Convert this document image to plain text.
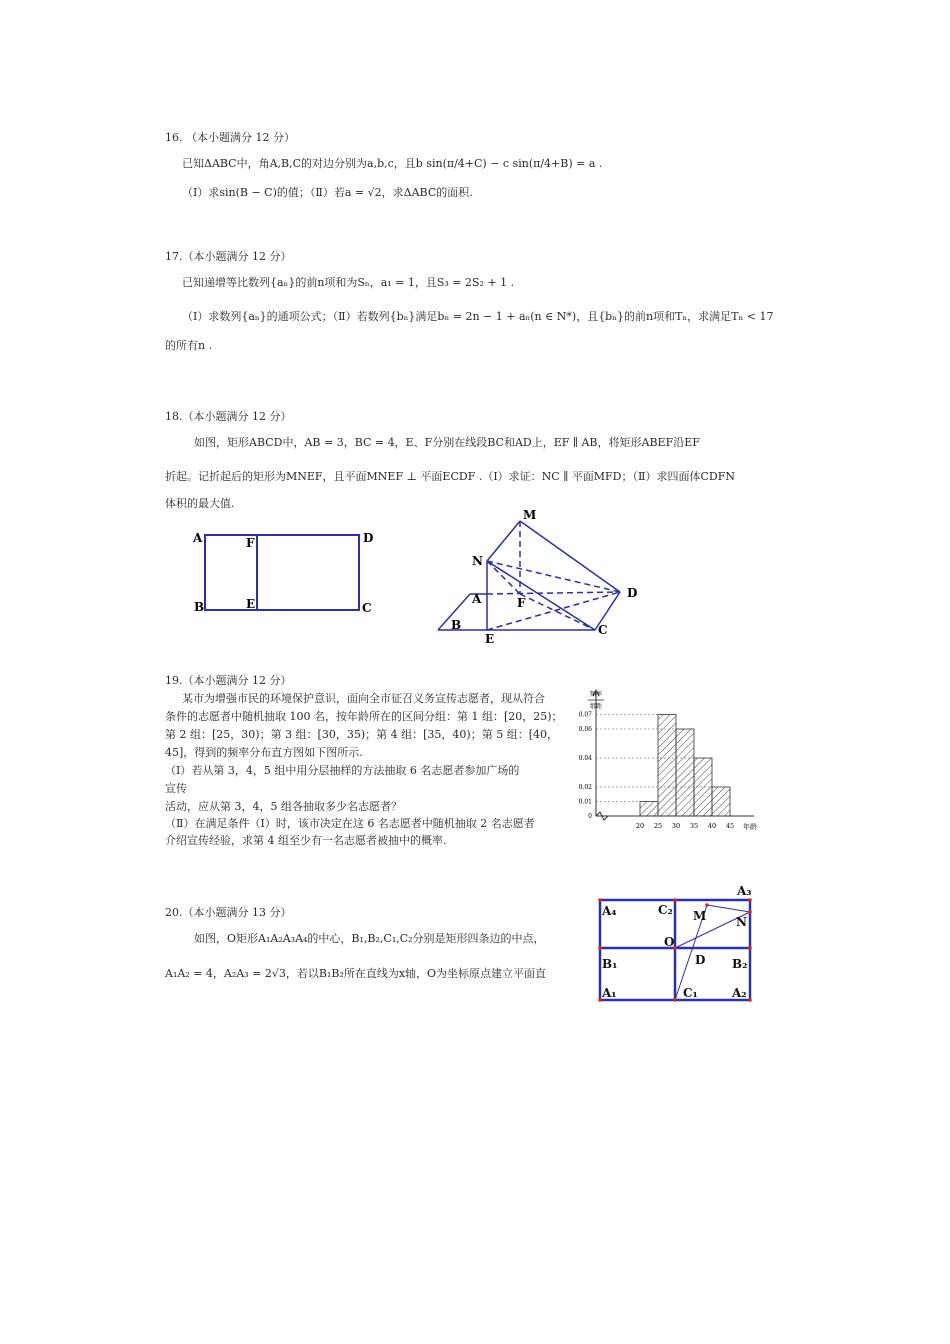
16. （本小题满分 12 分）
已知ΔABC中，角A,B,C的对边分别为a,b,c，且b sin(π/4+C) − c sin(π/4+B) = a .
（Ⅰ）求sin(B − C)的值；（Ⅱ）若a = √2，求ΔABC的面积.
17.（本小题满分 12 分）
已知递增等比数列{aₙ}的前n项和为Sₙ，a₁ = 1，且S₃ = 2S₂ + 1 .
（Ⅰ）求数列{aₙ}的通项公式；（Ⅱ）若数列{bₙ}满足bₙ = 2n − 1 + aₙ(n ∈ N*)，且{bₙ}的前n项和Tₙ，求满足Tₙ < 17
的所有n .
18.（本小题满分 12 分）
如图，矩形ABCD中，AB = 3，BC = 4，E、F分别在线段BC和AD上，EF ∥ AB，将矩形ABEF沿EF
折起。记折起后的矩形为MNEF，且平面MNEF ⊥ 平面ECDF .（Ⅰ）求证：NC ∥ 平面MFD；（Ⅱ）求四面体CDFN
体积的最大值.
A	F	D
B	E	C
M
N
A	F
D
B
E
C
19.（本小题满分 12 分）
某市为增强市民的环境保护意识，面向全市征召义务宣传志愿者，现从符合
条件的志愿者中随机抽取 100 名，按年龄所在的区间分组：第 1 组：[20，25)；
第 2 组：[25，30)；第 3 组：[30，35)；第 4 组：[35，40)；第 5 组：[40，
45]，得到的频率分布直方图如下图所示.
（Ⅰ）若从第 3，4，5 组中用分层抽样的方法抽取 6 名志愿者参加广场的
宣传
活动，应从第 3，4，5 组各抽取多少名志愿者？
（Ⅱ）在满足条件（Ⅰ）时，该市决定在这 6 名志愿者中随机抽取 2 名志愿者
介绍宣传经验，求第 4 组至少有一名志愿者被抽中的概率.
频率
组距
年龄
0.07
0.06
0.04
0.02
0.01
0
20 25 30 35 40 45
20.（本小题满分 13 分）
如图，O矩形A₁A₂A₃A₄的中心，B₁,B₂,C₁,C₂分别是矩形四条边的中点，
A₁A₂ = 4，A₂A₃ = 2√3，若以B₁B₂所在直线为x轴，O为坐标原点建立平面直
A₄	C₂ M
A₃
N
O
D
B₁	B₂
A₁	C₁	A₂
